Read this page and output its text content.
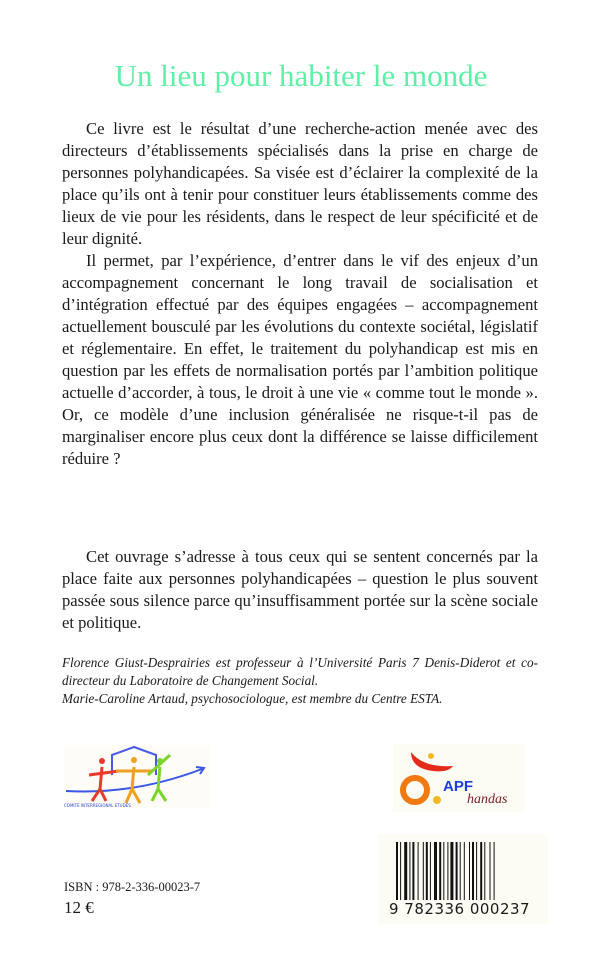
Un lieu pour habiter le monde

Ce livre est le résultat d’une recherche-action menée avec des directeurs d’établissements spécialisés dans la prise en charge de personnes polyhandicapées. Sa visée est d’éclairer la complexité de la place qu’ils ont à tenir pour constituer leurs établissements comme des lieux de vie pour les résidents, dans le respect de leur spécificité et de leur dignité.

Il permet, par l’expérience, d’entrer dans le vif des enjeux d’un accompagnement concernant le long travail de socialisation et d’intégration effectué par des équipes engagées – accompagnement actuellement bousculé par les évolutions du contexte sociétal, législatif et réglementaire. En effet, le traitement du polyhandicap est mis en question par les effets de normalisation portés par l’ambition politique actuelle d’accorder, à tous, le droit à une vie « comme tout le monde ». Or, ce modèle d’une inclusion généralisée ne risque-t-il pas de marginaliser encore plus ceux dont la différence se laisse difficilement réduire ?

Cet ouvrage s’adresse à tous ceux qui se sentent concernés par la place faite aux personnes polyhandicapées – question le plus souvent passée sous silence parce qu’insuffisamment portée sur la scène sociale et politique.

Florence Giust-Desprairies est professeur à l’Université Paris 7 Denis-Diderot et co-directeur du Laboratoire de Changement Social.

Marie-Caroline Artaud, psychosociologue, est membre du Centre ESTA.

COMITE INTERREGIONAL ETUDES
APF
handas
ISBN : 978-2-336-00023-7
12 €	9 782336 000237
